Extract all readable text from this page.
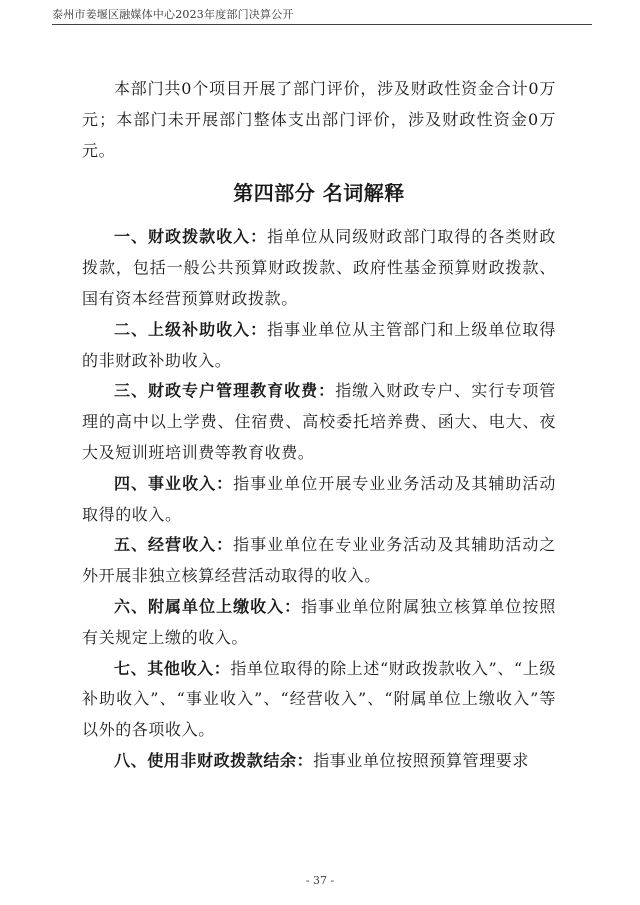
泰州市姜堰区融媒体中心2023年度部门决算公开

本部门共0个项目开展了部门评价，涉及财政性资金合计0万元；本部门未开展部门整体支出部门评价，涉及财政性资金0万元。

第四部分 名词解释

一、财政拨款收入：指单位从同级财政部门取得的各类财政拨款，包括一般公共预算财政拨款、政府性基金预算财政拨款、国有资本经营预算财政拨款。

二、上级补助收入：指事业单位从主管部门和上级单位取得的非财政补助收入。

三、财政专户管理教育收费：指缴入财政专户、实行专项管理的高中以上学费、住宿费、高校委托培养费、函大、电大、夜大及短训班培训费等教育收费。

四、事业收入：指事业单位开展专业业务活动及其辅助活动取得的收入。

五、经营收入：指事业单位在专业业务活动及其辅助活动之外开展非独立核算经营活动取得的收入。

六、附属单位上缴收入：指事业单位附属独立核算单位按照有关规定上缴的收入。

七、其他收入：指单位取得的除上述“财政拨款收入”、“上级补助收入”、“事业收入”、“经营收入”、“附属单位上缴收入”等以外的各项收入。

八、使用非财政拨款结余：指事业单位按照预算管理要求

- 37 -
